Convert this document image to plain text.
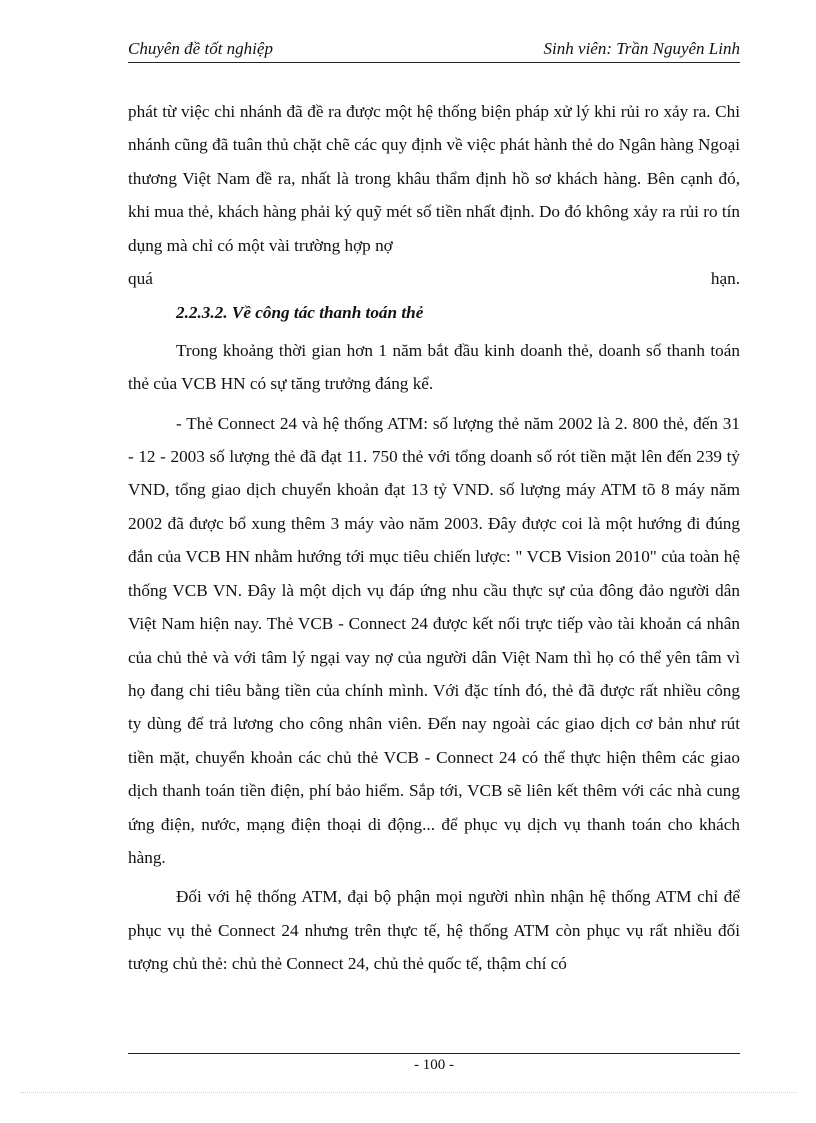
Chuyên đề tốt nghiệp	Sinh viên: Trần Nguyên Linh

phát từ việc chi nhánh đã đề ra được một hệ thống biện pháp xử lý khi rủi ro xảy ra. Chi nhánh cũng đã tuân thủ chặt chẽ các quy định về việc phát hành thẻ do Ngân hàng Ngoại thương Việt Nam đề ra, nhất là trong khâu thẩm định hồ sơ khách hàng. Bên cạnh đó, khi mua thẻ, khách hàng phải ký quỹ mét số tiền nhất định. Do đó không xảy ra rủi ro tín dụng mà chỉ có một vài trường hợp nợ

quá	hạn.

2.2.3.2. Về công tác thanh toán thẻ

Trong khoảng thời gian hơn 1 năm bắt đầu kinh doanh thẻ, doanh số thanh toán thẻ của VCB HN có sự tăng trưởng đáng kể.

- Thẻ Connect 24 và hệ thống ATM: số lượng thẻ năm 2002 là 2. 800 thẻ, đến 31 - 12 - 2003 số lượng thẻ đã đạt 11. 750 thẻ với tổng doanh số rót tiền mặt lên đến 239 tỷ VND, tổng giao dịch chuyển khoản đạt 13 tỷ VND. số lượng máy ATM tõ 8 máy năm 2002 đã được bổ xung thêm 3 máy vào năm 2003. Đây được coi là một hướng đi đúng đắn của VCB HN nhằm hướng tới mục tiêu chiến lược: " VCB Vision 2010" của toàn hệ thống VCB VN. Đây là một dịch vụ đáp ứng nhu cầu thực sự của đông đảo người dân Việt Nam hiện nay. Thẻ VCB - Connect 24 được kết nối trực tiếp vào tài khoản cá nhân của chủ thẻ và với tâm lý ngại vay nợ của người dân Việt Nam thì họ có thể yên tâm vì họ đang chi tiêu bằng tiền của chính mình. Với đặc tính đó, thẻ đã được rất nhiều công ty dùng để trả lương cho công nhân viên. Đến nay ngoài các giao dịch cơ bản như rút tiền mặt, chuyển khoản các chủ thẻ VCB - Connect 24 có thể thực hiện thêm các giao dịch thanh toán tiền điện, phí bảo hiểm. Sắp tới, VCB sẽ liên kết thêm với các nhà cung ứng điện, nước, mạng điện thoại di động... để phục vụ dịch vụ thanh toán cho khách hàng.

Đối với hệ thống ATM, đại bộ phận mọi người nhìn nhận hệ thống ATM chỉ để phục vụ thẻ Connect 24 nhưng trên thực tế, hệ thống ATM còn phục vụ rất nhiều đối tượng chủ thẻ: chủ thẻ Connect 24, chủ thẻ quốc tế, thậm chí có

- 100 -
